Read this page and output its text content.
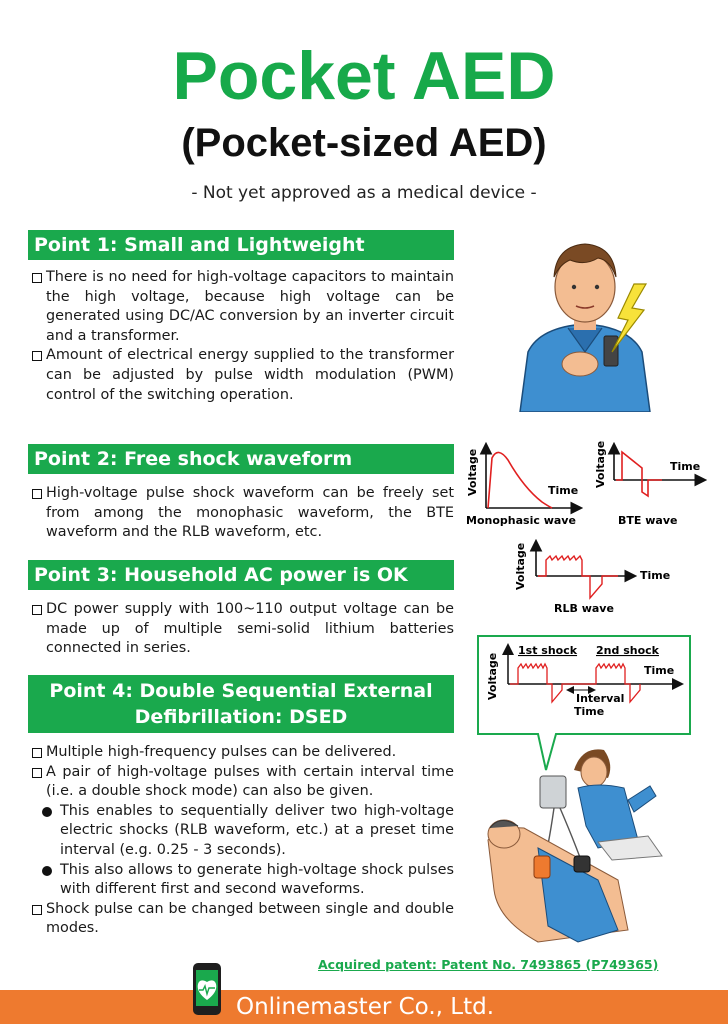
Pocket AED
(Pocket-sized AED)
- Not yet approved as a medical device -
Point 1: Small and Lightweight
There is no need for high-voltage capacitors to maintain the high voltage, because high voltage can be generated using DC/AC conversion by an inverter circuit and a transformer.
Amount of electrical energy supplied to the transformer can be adjusted by pulse width modulation (PWM) control of the switching operation.
Point 2: Free shock waveform
High-voltage pulse shock waveform can be freely set from among the monophasic waveform, the BTE waveform and the RLB waveform, etc.
Point 3: Household AC power is OK
DC power supply with 100~110 output voltage can be made up of multiple semi-solid lithium batteries connected in series.
Point 4: Double Sequential External
Defibrillation: DSED
Multiple high-frequency pulses can be delivered.
A pair of high-voltage pulses with certain interval time (i.e. a double shock mode) can also be given.
This enables to sequentially deliver two high-voltage electric shocks (RLB waveform, etc.) at a preset time interval (e.g. 0.25 - 3 seconds).
This also allows to generate high-voltage shock pulses with different first and second waveforms.
Shock pulse can be changed between single and double modes.
Voltage	Time
Monophasic wave
Voltage	Time
BTE wave
Voltage	Time
RLB wave
Voltage
1st shock 2nd shock
Time
Interval
Time
Acquired patent: Patent No. 7493865 (P749365)
Onlinemaster Co., Ltd.
